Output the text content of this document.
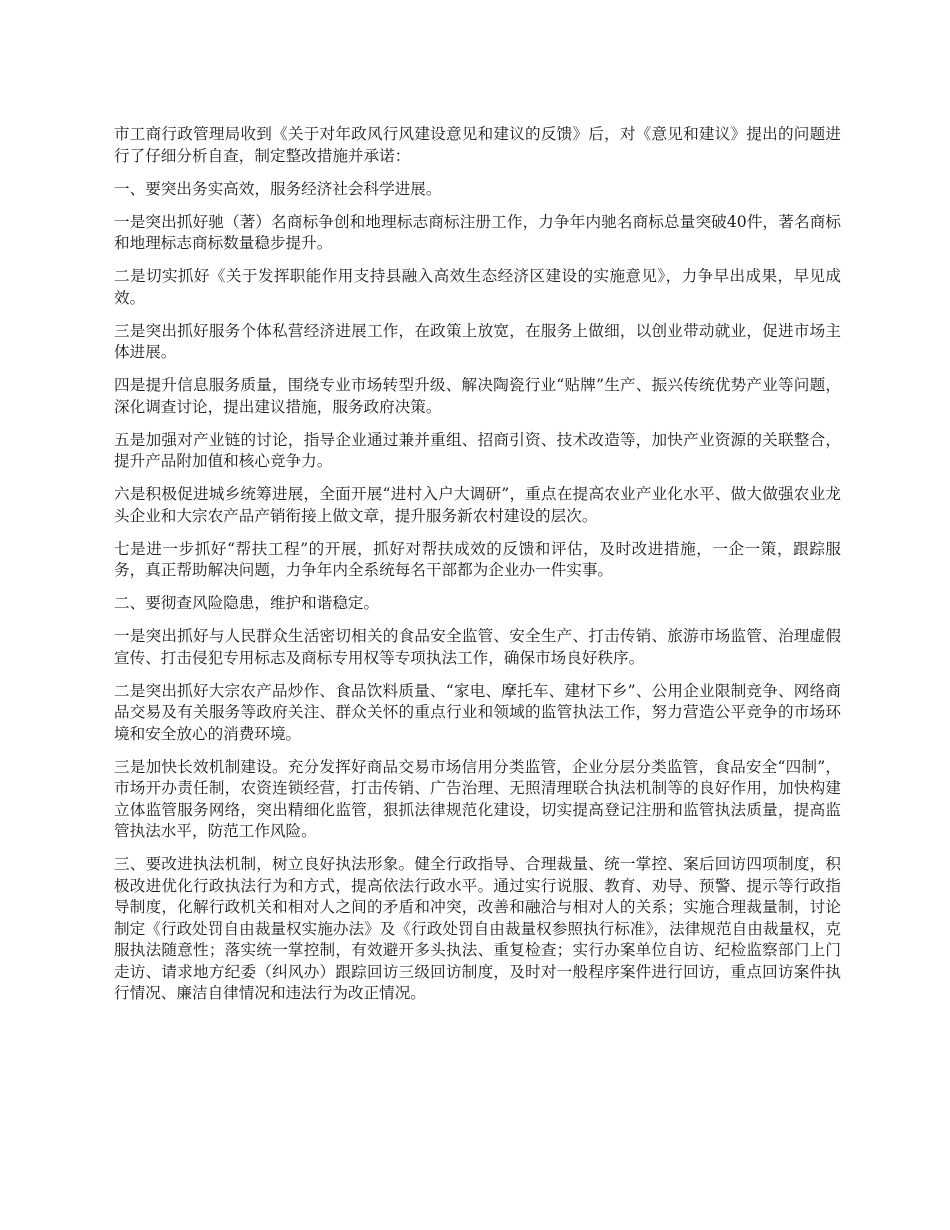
市工商行政管理局收到《关于对年政风行风建设意见和建议的反馈》后，对《意见和建议》提出的问题进行了仔细分析自查，制定整改措施并承诺：

一、要突出务实高效，服务经济社会科学进展。

一是突出抓好驰（著）名商标争创和地理标志商标注册工作，力争年内驰名商标总量突破40件，著名商标和地理标志商标数量稳步提升。

二是切实抓好《关于发挥职能作用支持县融入高效生态经济区建设的实施意见》，力争早出成果，早见成效。

三是突出抓好服务个体私营经济进展工作，在政策上放宽，在服务上做细，以创业带动就业，促进市场主体进展。

四是提升信息服务质量，围绕专业市场转型升级、解决陶瓷行业“贴牌”生产、振兴传统优势产业等问题，深化调查讨论，提出建议措施，服务政府决策。

五是加强对产业链的讨论，指导企业通过兼并重组、招商引资、技术改造等，加快产业资源的关联整合，提升产品附加值和核心竞争力。

六是积极促进城乡统筹进展，全面开展“进村入户大调研”，重点在提高农业产业化水平、做大做强农业龙头企业和大宗农产品产销衔接上做文章，提升服务新农村建设的层次。

七是进一步抓好“帮扶工程”的开展，抓好对帮扶成效的反馈和评估，及时改进措施，一企一策，跟踪服务，真正帮助解决问题，力争年内全系统每名干部都为企业办一件实事。

二、要彻查风险隐患，维护和谐稳定。

一是突出抓好与人民群众生活密切相关的食品安全监管、安全生产、打击传销、旅游市场监管、治理虚假宣传、打击侵犯专用标志及商标专用权等专项执法工作，确保市场良好秩序。

二是突出抓好大宗农产品炒作、食品饮料质量、“家电、摩托车、建材下乡”、公用企业限制竞争、网络商品交易及有关服务等政府关注、群众关怀的重点行业和领域的监管执法工作，努力营造公平竞争的市场环境和安全放心的消费环境。

三是加快长效机制建设。充分发挥好商品交易市场信用分类监管，企业分层分类监管，食品安全“四制”，市场开办责任制，农资连锁经营，打击传销、广告治理、无照清理联合执法机制等的良好作用，加快构建立体监管服务网络，突出精细化监管，狠抓法律规范化建设，切实提高登记注册和监管执法质量，提高监管执法水平，防范工作风险。

三、要改进执法机制，树立良好执法形象。健全行政指导、合理裁量、统一掌控、案后回访四项制度，积极改进优化行政执法行为和方式，提高依法行政水平。通过实行说服、教育、劝导、预警、提示等行政指导制度，化解行政机关和相对人之间的矛盾和冲突，改善和融洽与相对人的关系；实施合理裁量制，讨论制定《行政处罚自由裁量权实施办法》及《行政处罚自由裁量权参照执行标准》，法律规范自由裁量权，克服执法随意性；落实统一掌控制，有效避开多头执法、重复检查；实行办案单位自访、纪检监察部门上门走访、请求地方纪委（纠风办）跟踪回访三级回访制度，及时对一般程序案件进行回访，重点回访案件执行情况、廉洁自律情况和违法行为改正情况。
